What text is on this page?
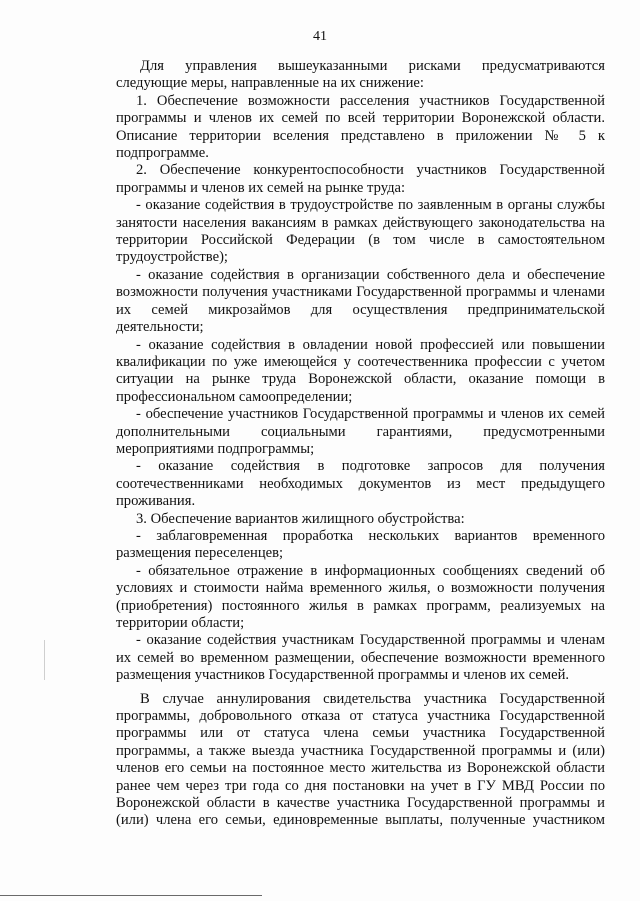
41

Для управления вышеуказанными рисками предусматриваются следующие меры, направленные на их снижение:

1. Обеспечение возможности расселения участников Государственной программы и членов их семей по всей территории Воронежской области. Описание территории вселения представлено в приложении № 5 к подпрограмме.

2. Обеспечение конкурентоспособности участников Государственной программы и членов их семей на рынке труда:

- оказание содействия в трудоустройстве по заявленным в органы службы занятости населения вакансиям в рамках действующего законодательства на территории Российской Федерации (в том числе в самостоятельном трудоустройстве);

- оказание содействия в организации собственного дела и обеспечение возможности получения участниками Государственной программы и членами их семей микрозаймов для осуществления предпринимательской деятельности;

- оказание содействия в овладении новой профессией или повышении квалификации по уже имеющейся у соотечественника профессии с учетом ситуации на рынке труда Воронежской области, оказание помощи в профессиональном самоопределении;

- обеспечение участников Государственной программы и членов их семей дополнительными социальными гарантиями, предусмотренными мероприятиями подпрограммы;

- оказание содействия в подготовке запросов для получения соотечественниками необходимых документов из мест предыдущего проживания.

3. Обеспечение вариантов жилищного обустройства:

- заблаговременная проработка нескольких вариантов временного размещения переселенцев;

- обязательное отражение в информационных сообщениях сведений об условиях и стоимости найма временного жилья, о возможности получения (приобретения) постоянного жилья в рамках программ, реализуемых на территории области;

- оказание содействия участникам Государственной программы и членам их семей во временном размещении, обеспечение возможности временного размещения участников Государственной программы и членов их семей.

В случае аннулирования свидетельства участника Государственной программы, добровольного отказа от статуса участника Государственной программы или от статуса члена семьи участника Государственной программы, а также выезда участника Государственной программы и (или) членов его семьи на постоянное место жительства из Воронежской области ранее чем через три года со дня постановки на учет в ГУ МВД России по Воронежской области в качестве участника Государственной программы и (или) члена его семьи, единовременные выплаты, полученные участником
